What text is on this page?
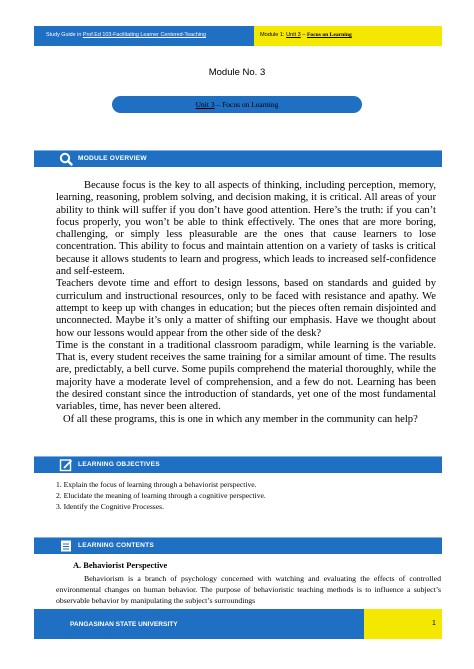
Study Guide in Prof.Ed 103-Facilitating Learner Centered-Teaching	Module 1: Unit 3 – Focus on Learning
Module No. 3
Unit 3 – Focus on Learning
MODULE OVERVIEW

Because focus is the key to all aspects of thinking, including perception, memory, learning, reasoning, problem solving, and decision making, it is critical. All areas of your ability to think will suffer if you don’t have good attention. Here’s the truth: if you can’t focus properly, you won’t be able to think effectively. The ones that are more boring, challenging, or simply less pleasurable are the ones that cause learners to lose concentration. This ability to focus and maintain attention on a variety of tasks is critical because it allows students to learn and progress, which leads to increased self-confidence and self-esteem.

Teachers devote time and effort to design lessons, based on standards and guided by curriculum and instructional resources, only to be faced with resistance and apathy. We attempt to keep up with changes in education; but the pieces often remain disjointed and unconnected. Maybe it’s only a matter of shifting our emphasis. Have we thought about how our lessons would appear from the other side of the desk?

Time is the constant in a traditional classroom paradigm, while learning is the variable. That is, every student receives the same training for a similar amount of time. The results are, predictably, a bell curve. Some pupils comprehend the material thoroughly, while the majority have a moderate level of comprehension, and a few do not. Learning has been the desired constant since the introduction of standards, yet one of the most fundamental variables, time, has never been altered.

Of all these programs, this is one in which any member in the community can help?

LEARNING OBJECTIVES
1. Explain the focus of learning through a behaviorist perspective.
2. Elucidate the meaning of learning through a cognitive perspective.
3. Identify the Cognitive Processes.
LEARNING CONTENTS
A. Behaviorist Perspective

Behaviorism is a branch of psychology concerned with watching and evaluating the effects of controlled environmental changes on human behavior. The purpose of behavioristic teaching methods is to influence a subject’s observable behavior by manipulating the subject’s surroundings

PANGASINAN STATE UNIVERSITY	1
